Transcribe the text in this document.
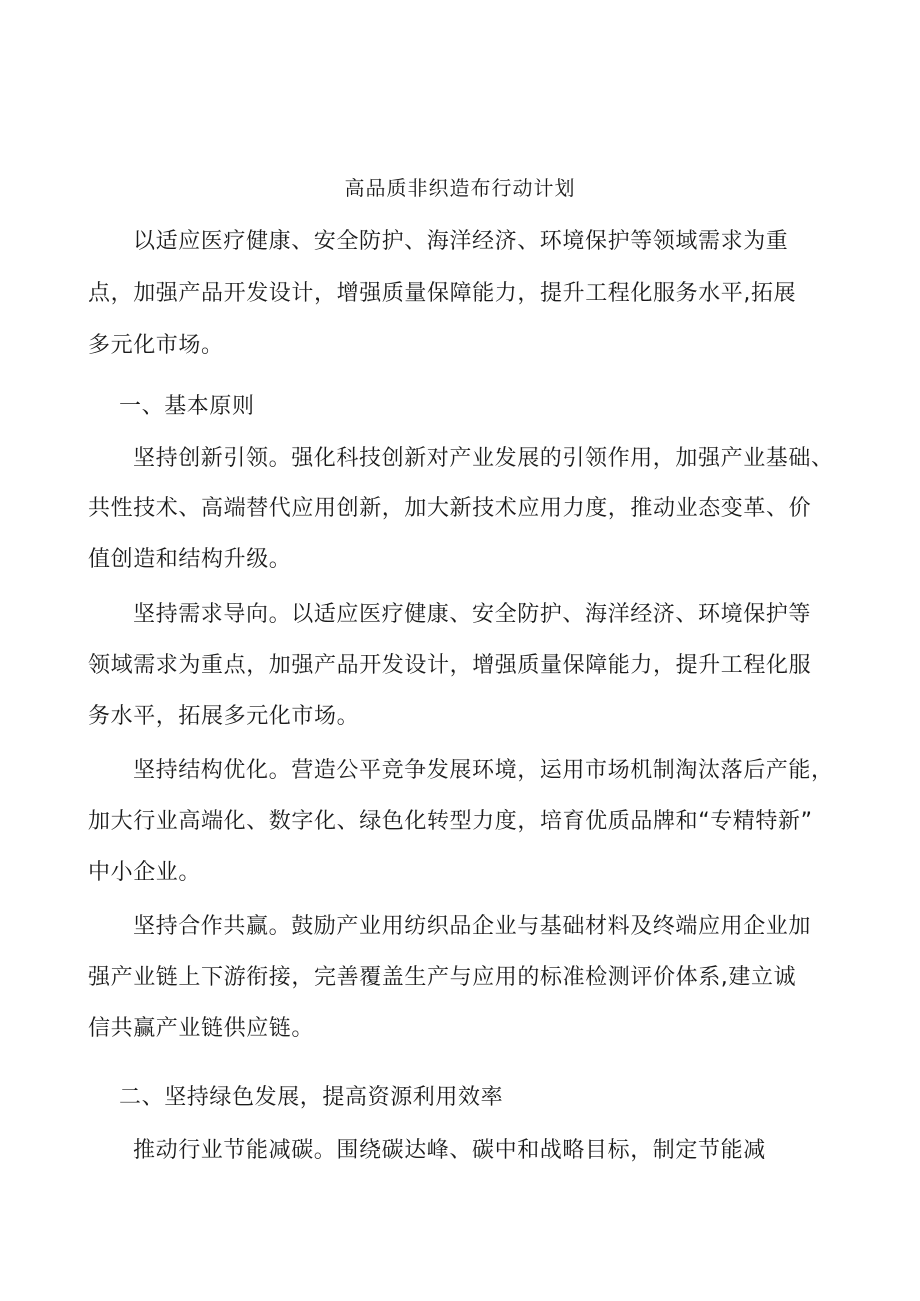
高品质非织造布行动计划
以适应医疗健康、安全防护、海洋经济、环境保护等领域需求为重
点，加强产品开发设计，增强质量保障能力，提升工程化服务水平,拓展
多元化市场。
一、基本原则
坚持创新引领。强化科技创新对产业发展的引领作用，加强产业基础、
共性技术、高端替代应用创新，加大新技术应用力度，推动业态变革、价
值创造和结构升级。
坚持需求导向。以适应医疗健康、安全防护、海洋经济、环境保护等
领域需求为重点，加强产品开发设计，增强质量保障能力，提升工程化服
务水平，拓展多元化市场。
坚持结构优化。营造公平竞争发展环境，运用市场机制淘汰落后产能，
加大行业高端化、数字化、绿色化转型力度，培育优质品牌和“专精特新”
中小企业。
坚持合作共赢。鼓励产业用纺织品企业与基础材料及终端应用企业加
强产业链上下游衔接，完善覆盖生产与应用的标准检测评价体系,建立诚
信共赢产业链供应链。
二、坚持绿色发展，提高资源利用效率
推动行业节能减碳。围绕碳达峰、碳中和战略目标，制定节能减
